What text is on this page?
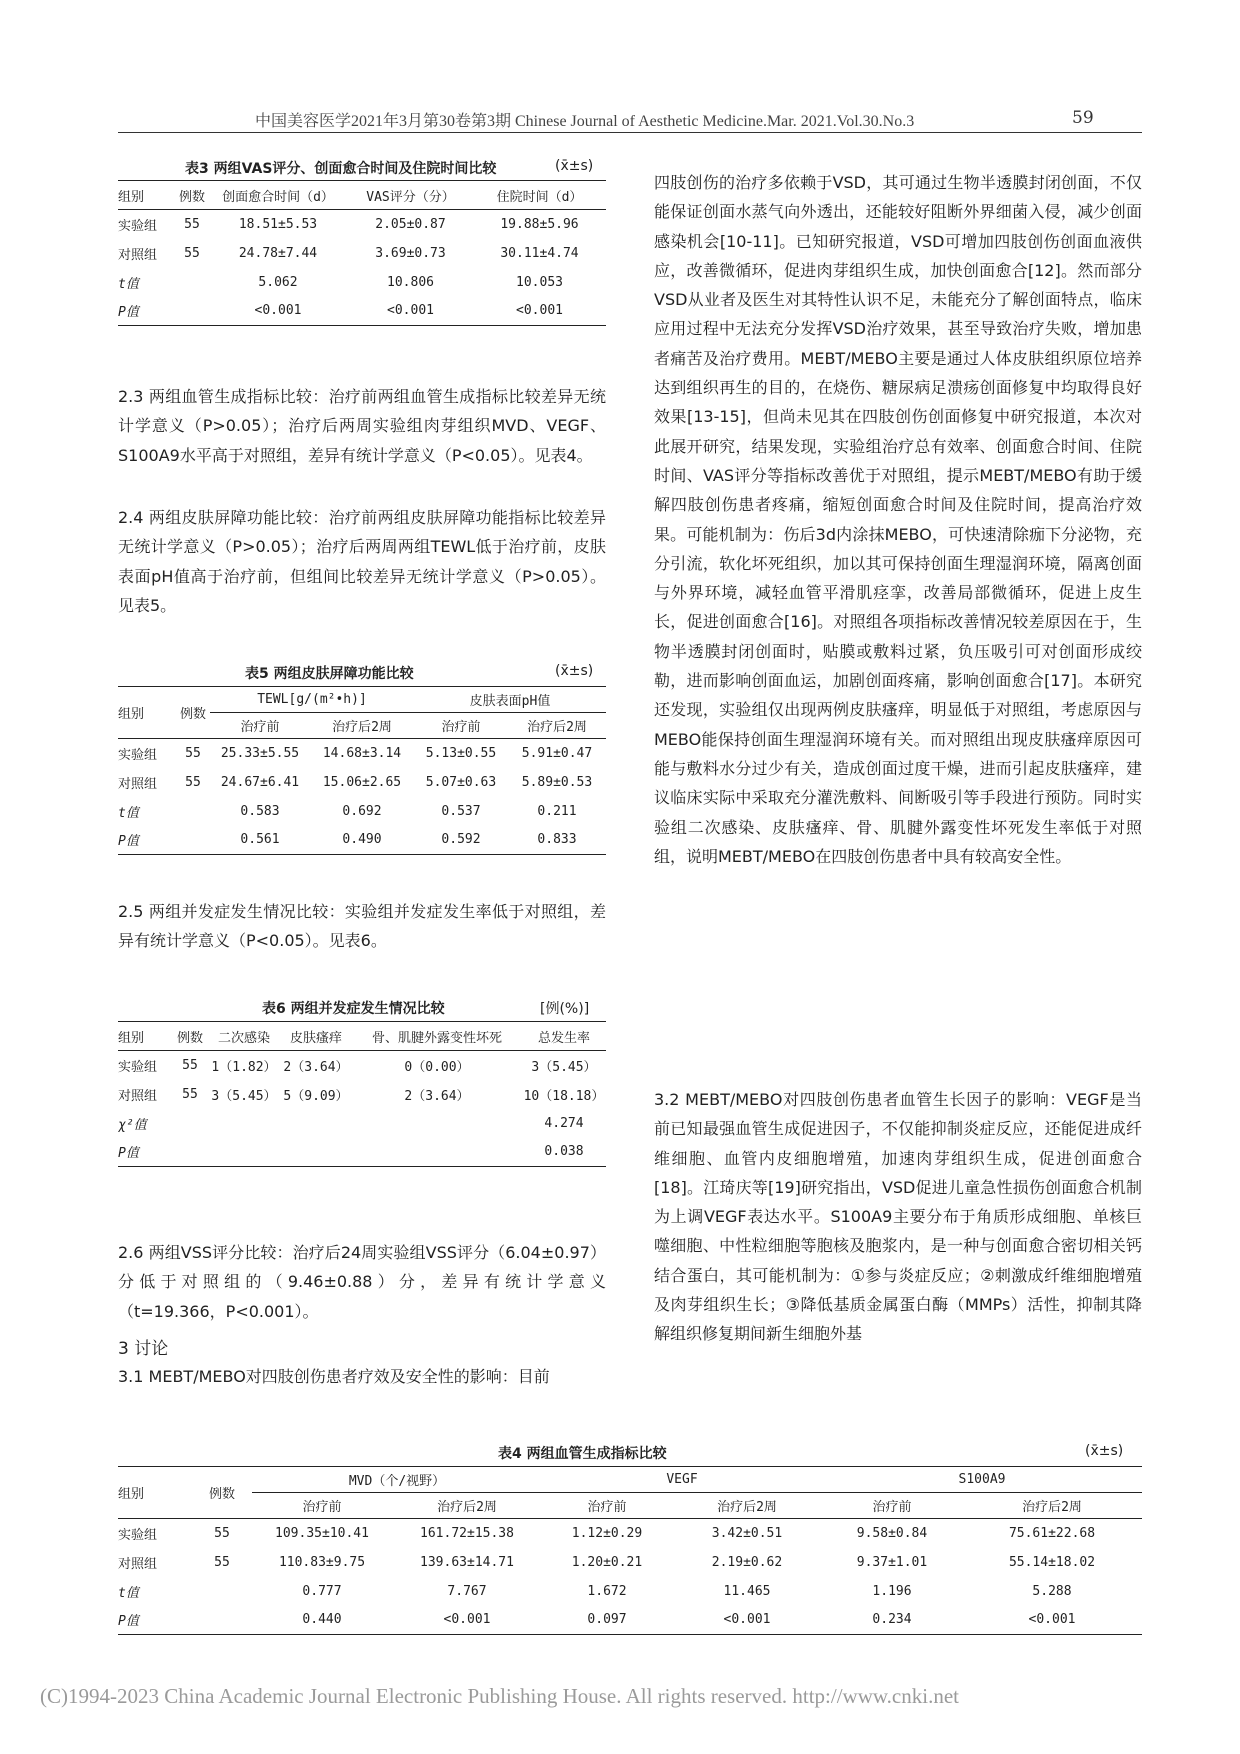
中国美容医学2021年3月第30卷第3期 Chinese Journal of Aesthetic Medicine.Mar. 2021.Vol.30.No.3	59
表3 两组VAS评分、创面愈合时间及住院时间比较	(x̄±s)
组别	例数	创面愈合时间（d）	VAS评分（分）	住院时间（d）
实验组	55	18.51±5.53	2.05±0.87	19.88±5.96
对照组	55	24.78±7.44	3.69±0.73	30.11±4.74
t值		5.062	10.806	10.053
P值		<0.001	<0.001	<0.001
2.3 两组血管生成指标比较：治疗前两组血管生成指标比较差异无统计学意义（P>0.05）；治疗后两周实验组肉芽组织MVD、VEGF、S100A9水平高于对照组，差异有统计学意义（P<0.05）。见表4。
2.4 两组皮肤屏障功能比较：治疗前两组皮肤屏障功能指标比较差异无统计学意义（P>0.05）；治疗后两周两组TEWL低于治疗前，皮肤表面pH值高于治疗前，但组间比较差异无统计学意义（P>0.05）。见表5。
表5 两组皮肤屏障功能比较	(x̄±s)
组别	例数	TEWL[g/(m²•h)]		皮肤表面pH值	
		治疗前	治疗后2周	治疗前	治疗后2周
实验组	55	25.33±5.55	14.68±3.14	5.13±0.55	5.91±0.47
对照组	55	24.67±6.41	15.06±2.65	5.07±0.63	5.89±0.53
t值		0.583	0.692	0.537	0.211
P值		0.561	0.490	0.592	0.833
2.5 两组并发症发生情况比较：实验组并发症发生率低于对照组，差异有统计学意义（P<0.05）。见表6。
表6 两组并发症发生情况比较	[例(%)]
组别	例数	二次感染	皮肤瘙痒	骨、肌腱外露变性坏死	总发生率
实验组	55	1（1.82）	2（3.64）	0（0.00）	3（5.45）
对照组	55	3（5.45）	5（9.09）	2（3.64）	10（18.18）
χ²值					4.274
P值					0.038
2.6 两组VSS评分比较：治疗后24周实验组VSS评分（6.04±0.97）分低于对照组的（9.46±0.88）分，差异有统计学意义（t=19.366，P<0.001）。
3 讨论
3.1 MEBT/MEBO对四肢创伤患者疗效及安全性的影响：目前
四肢创伤的治疗多依赖于VSD，其可通过生物半透膜封闭创面，不仅能保证创面水蒸气向外透出，还能较好阻断外界细菌入侵，减少创面感染机会[10-11]。已知研究报道，VSD可增加四肢创伤创面血液供应，改善微循环，促进肉芽组织生成，加快创面愈合[12]。然而部分VSD从业者及医生对其特性认识不足，未能充分了解创面特点，临床应用过程中无法充分发挥VSD治疗效果，甚至导致治疗失败，增加患者痛苦及治疗费用。MEBT/MEBO主要是通过人体皮肤组织原位培养达到组织再生的目的，在烧伤、糖尿病足溃疡创面修复中均取得良好效果[13-15]，但尚未见其在四肢创伤创面修复中研究报道，本次对此展开研究，结果发现，实验组治疗总有效率、创面愈合时间、住院时间、VAS评分等指标改善优于对照组，提示MEBT/MEBO有助于缓解四肢创伤患者疼痛，缩短创面愈合时间及住院时间，提高治疗效果。可能机制为：伤后3d内涂抹MEBO，可快速清除痂下分泌物，充分引流，软化坏死组织，加以其可保持创面生理湿润环境，隔离创面与外界环境，减轻血管平滑肌痉挛，改善局部微循环，促进上皮生长，促进创面愈合[16]。对照组各项指标改善情况较差原因在于，生物半透膜封闭创面时，贴膜或敷料过紧，负压吸引可对创面形成绞勒，进而影响创面血运，加剧创面疼痛，影响创面愈合[17]。本研究还发现，实验组仅出现两例皮肤瘙痒，明显低于对照组，考虑原因与MEBO能保持创面生理湿润环境有关。而对照组出现皮肤瘙痒原因可能与敷料水分过少有关，造成创面过度干燥，进而引起皮肤瘙痒，建议临床实际中采取充分灌洗敷料、间断吸引等手段进行预防。同时实验组二次感染、皮肤瘙痒、骨、肌腱外露变性坏死发生率低于对照组，说明MEBT/MEBO在四肢创伤患者中具有较高安全性。
3.2 MEBT/MEBO对四肢创伤患者血管生长因子的影响：VEGF是当前已知最强血管生成促进因子，不仅能抑制炎症反应，还能促进成纤维细胞、血管内皮细胞增殖，加速肉芽组织生成，促进创面愈合[18]。江琦庆等[19]研究指出，VSD促进儿童急性损伤创面愈合机制为上调VEGF表达水平。S100A9主要分布于角质形成细胞、单核巨噬细胞、中性粒细胞等胞核及胞浆内，是一种与创面愈合密切相关钙结合蛋白，其可能机制为：①参与炎症反应；②刺激成纤维细胞增殖及肉芽组织生长；③降低基质金属蛋白酶（MMPs）活性，抑制其降解组织修复期间新生细胞外基
表4 两组血管生成指标比较	(x̄±s)
组别	例数	MVD（个/视野）		VEGF		S100A9	
		治疗前	治疗后2周	治疗前	治疗后2周	治疗前	治疗后2周
实验组	55	109.35±10.41	161.72±15.38	1.12±0.29	3.42±0.51	9.58±0.84	75.61±22.68
对照组	55	110.83±9.75	139.63±14.71	1.20±0.21	2.19±0.62	9.37±1.01	55.14±18.02
t值		0.777	7.767	1.672	11.465	1.196	5.288
P值		0.440	<0.001	0.097	<0.001	0.234	<0.001
(C)1994-2023 China Academic Journal Electronic Publishing House. All rights reserved. http://www.cnki.net
